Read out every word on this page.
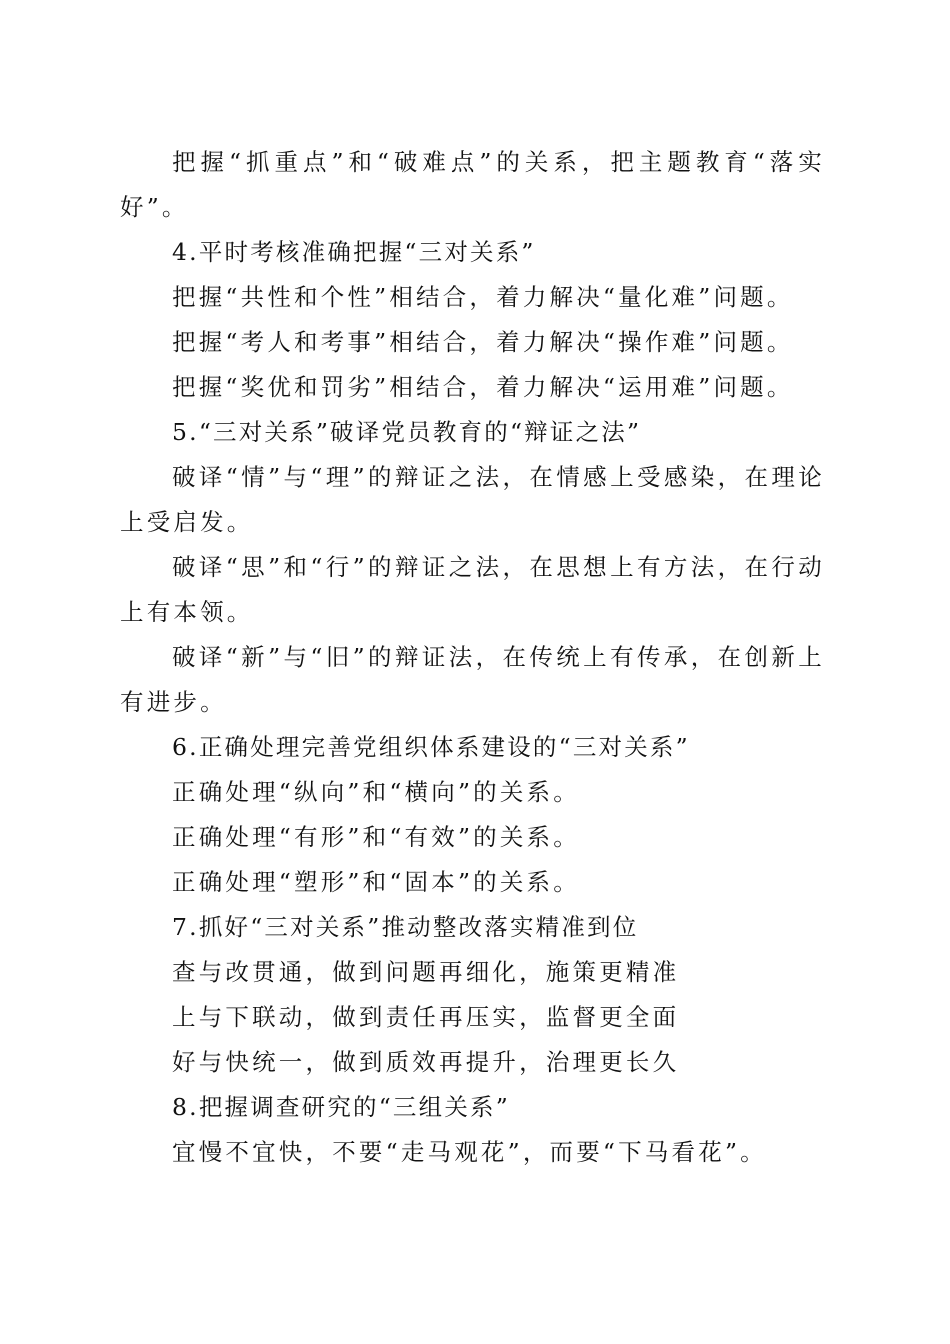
把握“抓重点”和“破难点”的关系，把主题教育“落实好”。

4.平时考核准确把握“三对关系”

把握“共性和个性”相结合，着力解决“量化难”问题。

把握“考人和考事”相结合，着力解决“操作难”问题。

把握“奖优和罚劣”相结合，着力解决“运用难”问题。

5.“三对关系”破译党员教育的“辩证之法”

破译“情”与“理”的辩证之法，在情感上受感染，在理论上受启发。

破译“思”和“行”的辩证之法，在思想上有方法，在行动上有本领。

破译“新”与“旧”的辩证法，在传统上有传承，在创新上有进步。

6.正确处理完善党组织体系建设的“三对关系”

正确处理“纵向”和“横向”的关系。

正确处理“有形”和“有效”的关系。

正确处理“塑形”和“固本”的关系。

7.抓好“三对关系”推动整改落实精准到位

查与改贯通，做到问题再细化，施策更精准

上与下联动，做到责任再压实，监督更全面

好与快统一，做到质效再提升，治理更长久

8.把握调查研究的“三组关系”

宜慢不宜快，不要“走马观花”，而要“下马看花”。
